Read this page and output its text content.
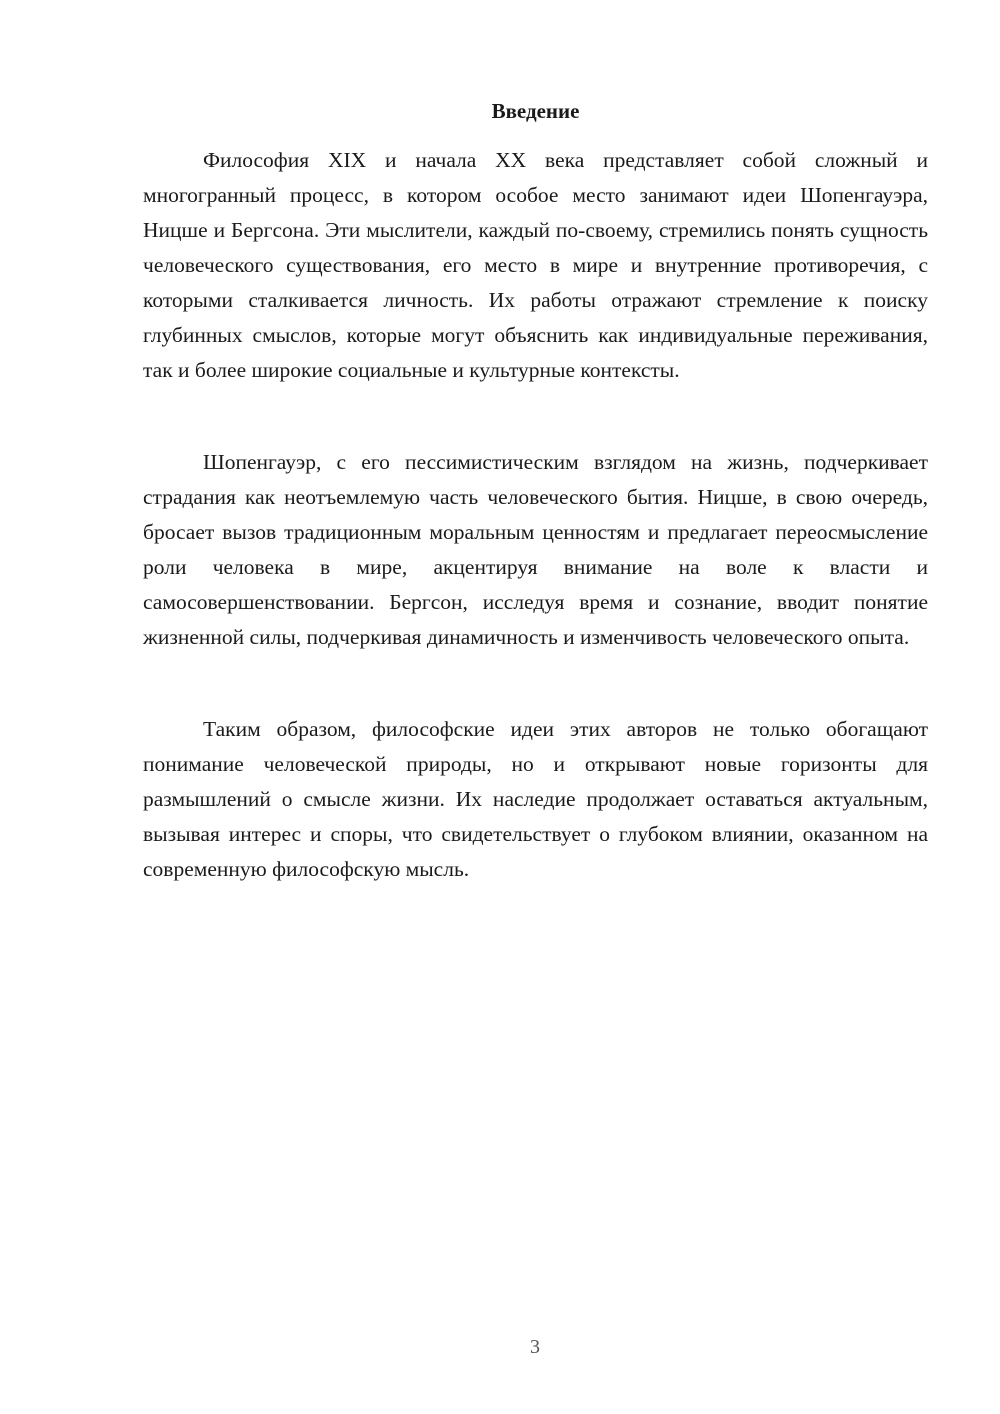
Введение

Философия XIX и начала XX века представляет собой сложный и многогранный процесс, в котором особое место занимают идеи Шопенгауэра, Ницше и Бергсона. Эти мыслители, каждый по-своему, стремились понять сущность человеческого существования, его место в мире и внутренние противоречия, с которыми сталкивается личность. Их работы отражают стремление к поиску глубинных смыслов, которые могут объяснить как индивидуальные переживания, так и более широкие социальные и культурные контексты.

Шопенгауэр, с его пессимистическим взглядом на жизнь, подчеркивает страдания как неотъемлемую часть человеческого бытия. Ницше, в свою очередь, бросает вызов традиционным моральным ценностям и предлагает переосмысление роли человека в мире, акцентируя внимание на воле к власти и самосовершенствовании. Бергсон, исследуя время и сознание, вводит понятие жизненной силы, подчеркивая динамичность и изменчивость человеческого опыта.

Таким образом, философские идеи этих авторов не только обогащают понимание человеческой природы, но и открывают новые горизонты для размышлений о смысле жизни. Их наследие продолжает оставаться актуальным, вызывая интерес и споры, что свидетельствует о глубоком влиянии, оказанном на современную философскую мысль.

3
